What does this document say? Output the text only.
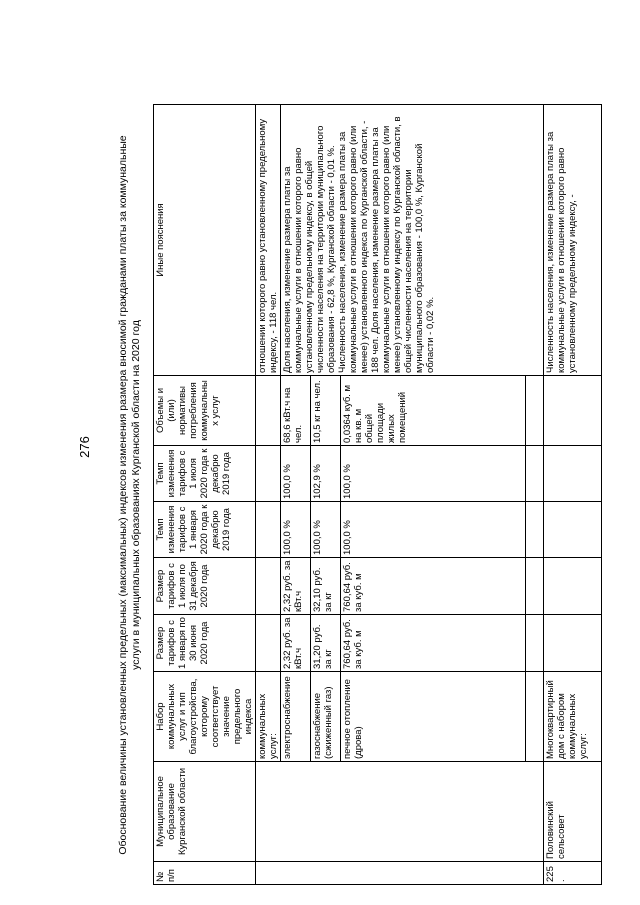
276 Обоснование величины установленных предельных (максимальных) индексов изменения размера вносимой гражданами платы за коммунальные услуги в муниципальных образованиях Курганской области на 2020 год
№ п/п	Муниципальное образование Курганской области	Набор коммунальных услуг и тип благоустройства, которому соответствует значение предельного индекса	Размер тарифов с 1 января по 30 июня 2020 года	Размер тарифов с 1 июля по 31 декабря 2020 года	Темп изменения тарифов с 1 января 2020 года к декабрю 2019 года	Темп изменения тарифов с 1 июля 2020 года к декабрю 2019 года	Объемы и (или) нормативы потребления коммунальных услуг	Иные пояснения
		коммунальных услуг:						отношении которого равно установленному предельному индексу, - 118 чел.
		электроснабжение	2,32 руб. за кВт.ч	2,32 руб. за кВт.ч	100,0 %	100,0 %	68,6 кВт.ч на чел.	Доля населения, изменение размера платы за коммунальные услуги в отношении которого равно установленному предельному индексу, в общей численности населения на территории муниципального образования - 62,8 %, Курганской области - 0,01 %. Численность населения, изменение размера платы за коммунальные услуги в отношении которого равно (или менее) установленного индекса по Курганской области, - 188 чел. Доля населения, изменение размера платы за коммунальные услуги в отношении которого равно (или менее) установленному индексу по Курганской области, в общей численности населения на территории муниципального образования - 100,0 %, Курганской области - 0,02 %.
		газоснабжение (сжиженный газ)	31,20 руб. за кг	32,10 руб. за кг	100,0 %	102,9 %	10,5 кг на чел.	
		печное отопление (дрова)	760,64 руб. за куб. м	760,64 руб. за куб. м	100,0 %	100,0 %	0,0364 куб. м на кв. м общей площади жилых помещений	

225.	Половинский сельсовет	Многоквартирный дом с набором коммунальных услуг:						Численность населения, изменение размера платы за коммунальные услуги в отношении которого равно установленному предельному индексу, -
